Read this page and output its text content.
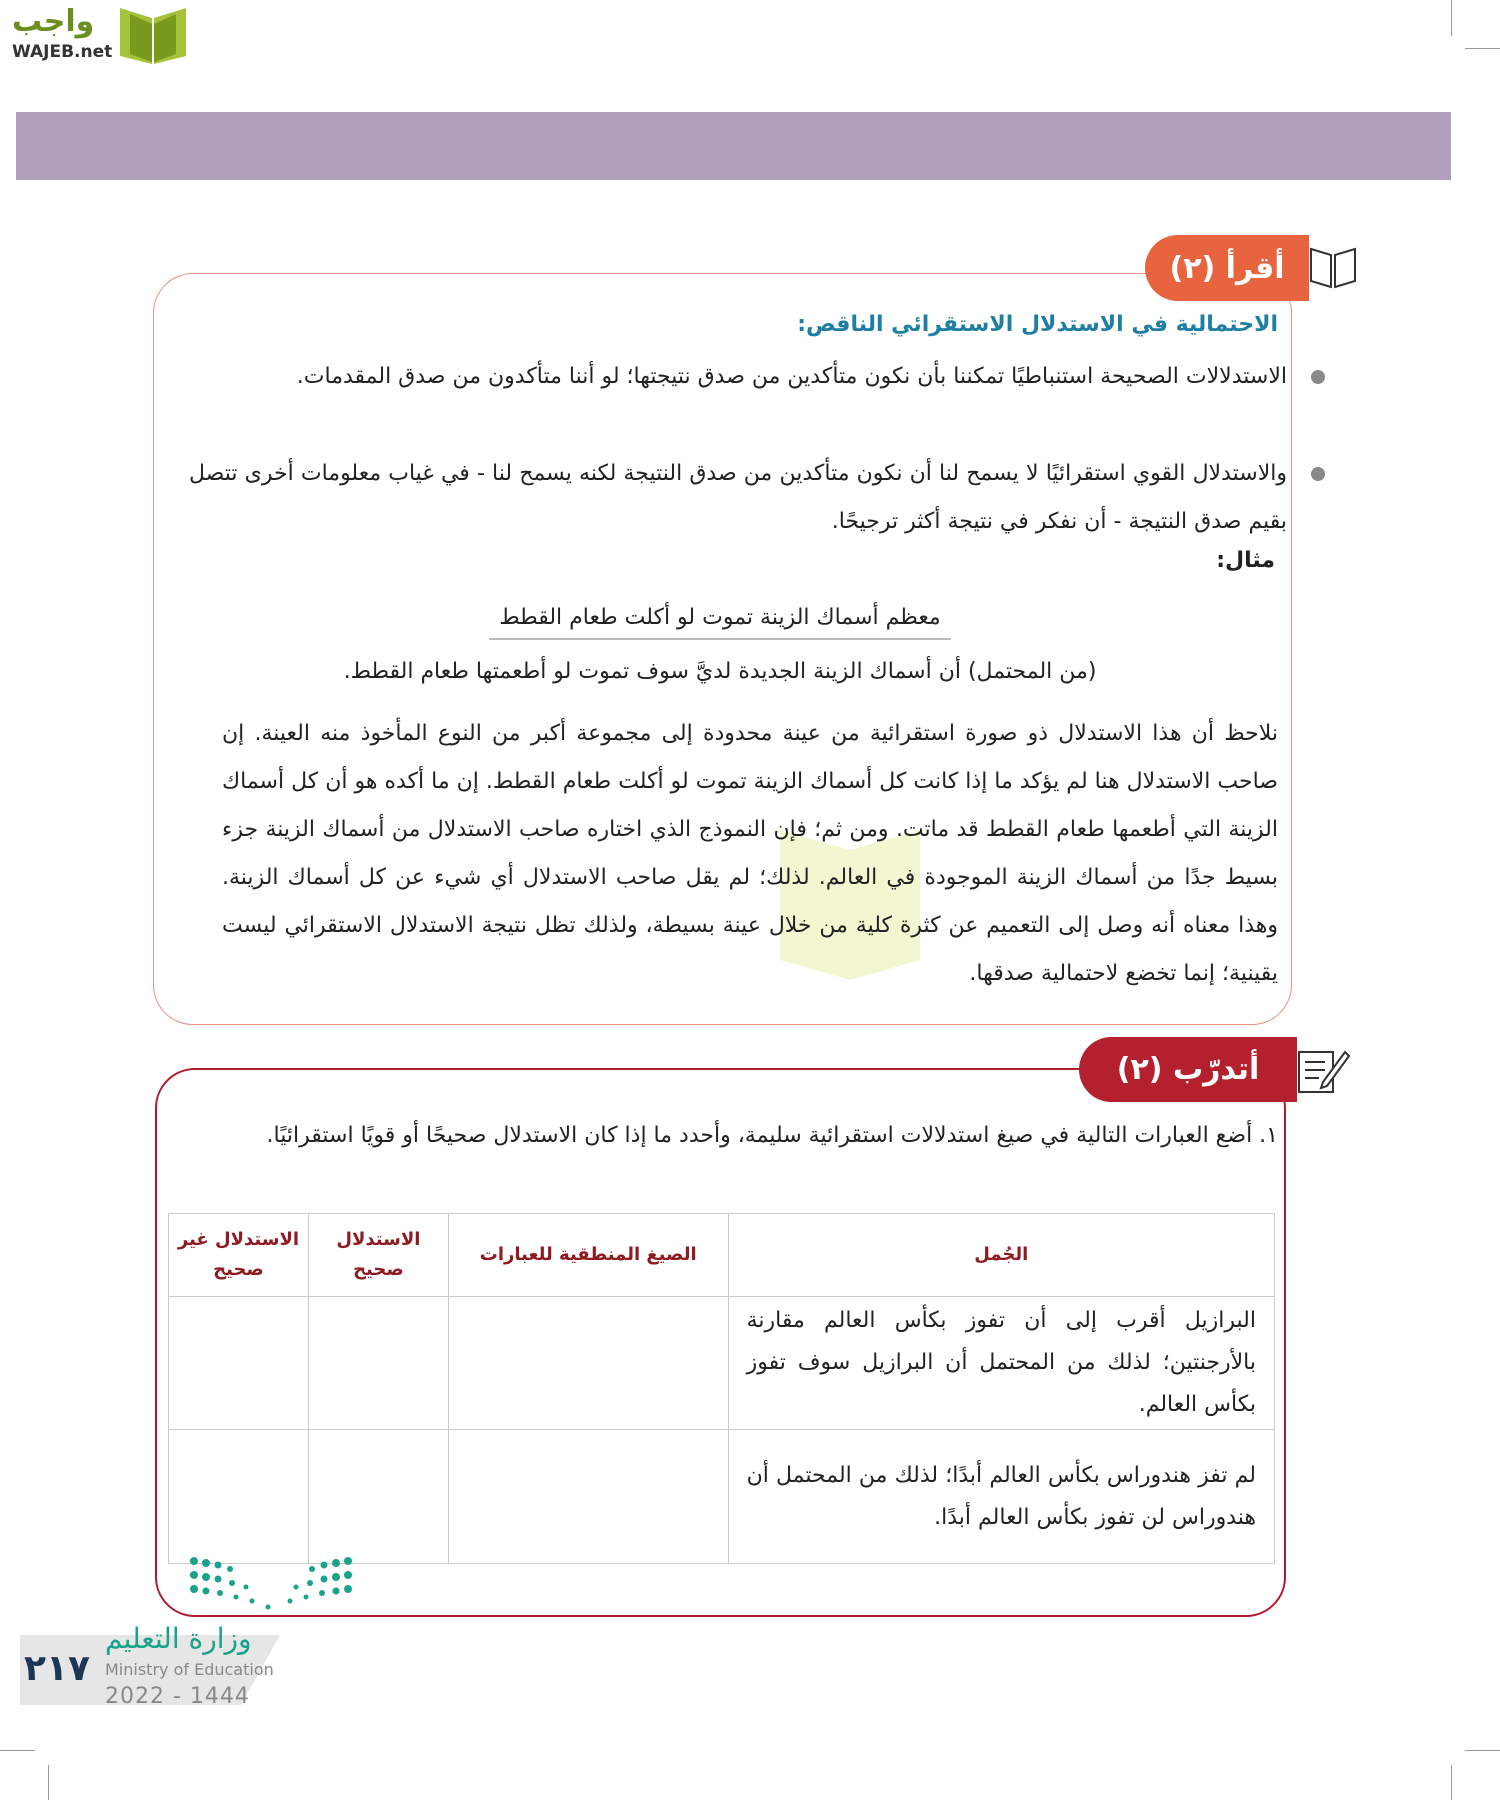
واجب
WAJEB.net
أقرأ (٢)
الاحتمالية في الاستدلال الاستقرائي الناقص:

الاستدلالات الصحيحة استنباطيًا تمكننا بأن نكون متأكدين من صدق نتيجتها؛ لو أننا متأكدون من صدق المقدمات.

والاستدلال القوي استقرائيًا لا يسمح لنا أن نكون متأكدين من صدق النتيجة لكنه يسمح لنا - في غياب معلومات أخرى تتصل بقيم صدق النتيجة - أن نفكر في نتيجة أكثر ترجيحًا.

مثال:
معظم أسماك الزينة تموت لو أكلت طعام القطط
(من المحتمل) أن أسماك الزينة الجديدة لديَّ سوف تموت لو أطعمتها طعام القطط.

نلاحظ أن هذا الاستدلال ذو صورة استقرائية من عينة محدودة إلى مجموعة أكبر من النوع المأخوذ منه العينة. إن صاحب الاستدلال هنا لم يؤكد ما إذا كانت كل أسماك الزينة تموت لو أكلت طعام القطط. إن ما أكده هو أن كل أسماك الزينة التي أطعمها طعام القطط قد ماتت. ومن ثم؛ فإن النموذج الذي اختاره صاحب الاستدلال من أسماك الزينة جزء بسيط جدًا من أسماك الزينة الموجودة في العالم. لذلك؛ لم يقل صاحب الاستدلال أي شيء عن كل أسماك الزينة. وهذا معناه أنه وصل إلى التعميم عن كثرة كلية من خلال عينة بسيطة، ولذلك تظل نتيجة الاستدلال الاستقرائي ليست يقينية؛ إنما تخضع لاحتمالية صدقها.

أتدرّب (٢)
١. أضع العبارات التالية في صيغ استدلالات استقرائية سليمة، وأحدد ما إذا كان الاستدلال صحيحًا أو قويًا استقرائيًا.
الجُمل	الصيغ المنطقية للعبارات	الاستدلال صحيح	الاستدلال غير صحيح
البرازيل أقرب إلى أن تفوز بكأس العالم مقارنة بالأرجنتين؛ لذلك من المحتمل أن البرازيل سوف تفوز بكأس العالم.			
لم تفز هندوراس بكأس العالم أبدًا؛ لذلك من المحتمل أن هندوراس لن تفوز بكأس العالم أبدًا.			
وزارة التعليم
٢١٧ Ministry of Education
2022 - 1444
